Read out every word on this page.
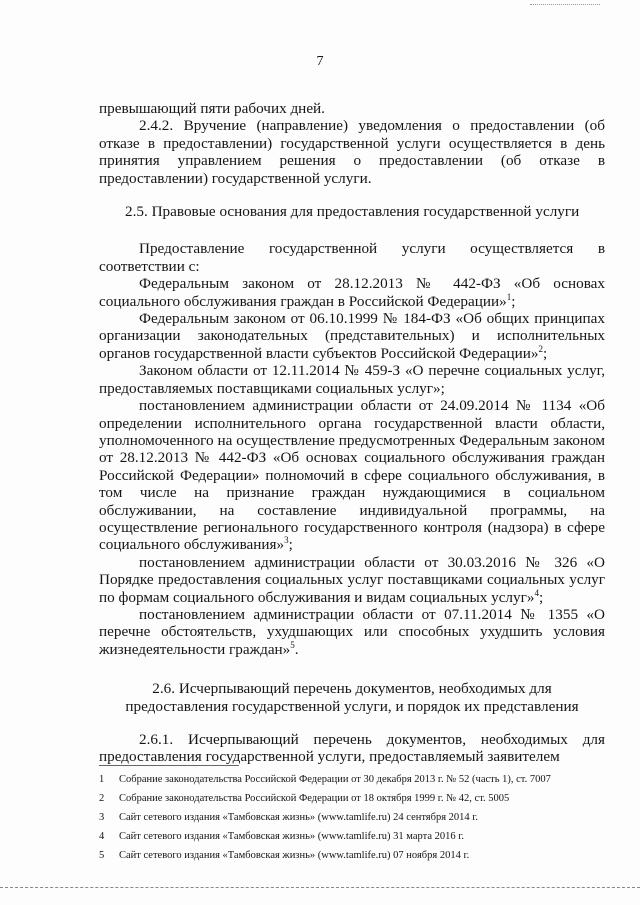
7

превышающий пяти рабочих дней.

2.4.2. Вручение (направление) уведомления о предоставлении (об отказе в предоставлении) государственной услуги осуществляется в день принятия управлением решения о предоставлении (об отказе в предоставлении) государственной услуги.

2.5. Правовые основания для предоставления государственной услуги

Предоставление государственной услуги осуществляется в соответствии с:

Федеральным законом от 28.12.2013 № 442-ФЗ «Об основах социального обслуживания граждан в Российской Федерации»$^1$;

Федеральным законом от 06.10.1999 № 184-ФЗ «Об общих принципах организации законодательных (представительных) и исполнительных органов государственной власти субъектов Российской Федерации»$^2$;

Законом области от 12.11.2014 № 459-З «О перечне социальных услуг, предоставляемых поставщиками социальных услуг»;

постановлением администрации области от 24.09.2014 № 1134 «Об определении исполнительного органа государственной власти области, уполномоченного на осуществление предусмотренных Федеральным законом от 28.12.2013 № 442-ФЗ «Об основах социального обслуживания граждан Российской Федерации» полномочий в сфере социального обслуживания, в том числе на признание граждан нуждающимися в социальном обслуживании, на составление индивидуальной программы, на осуществление регионального государственного контроля (надзора) в сфере социального обслуживания»$^3$;

постановлением администрации области от 30.03.2016 № 326 «О Порядке предоставления социальных услуг поставщиками социальных услуг по формам социального обслуживания и видам социальных услуг»$^4$;

постановлением администрации области от 07.11.2014 № 1355 «О перечне обстоятельств, ухудшающих или способных ухудшить условия жизнедеятельности граждан»$^5$.

2.6. Исчерпывающий перечень документов, необходимых для предоставления государственной услуги, и порядок их представления

2.6.1. Исчерпывающий перечень документов, необходимых для предоставления государственной услуги, предоставляемый заявителем

1 Собрание законодательства Российской Федерации от 30 декабря 2013 г. № 52 (часть 1), ст. 7007
2 Собрание законодательства Российской Федерации от 18 октября 1999 г. № 42, ст. 5005
3 Сайт сетевого издания «Тамбовская жизнь» (www.tamlife.ru) 24 сентября 2014 г.
4 Сайт сетевого издания «Тамбовская жизнь» (www.tamlife.ru) 31 марта 2016 г.
5 Сайт сетевого издания «Тамбовская жизнь» (www.tamlife.ru) 07 ноября 2014 г.
